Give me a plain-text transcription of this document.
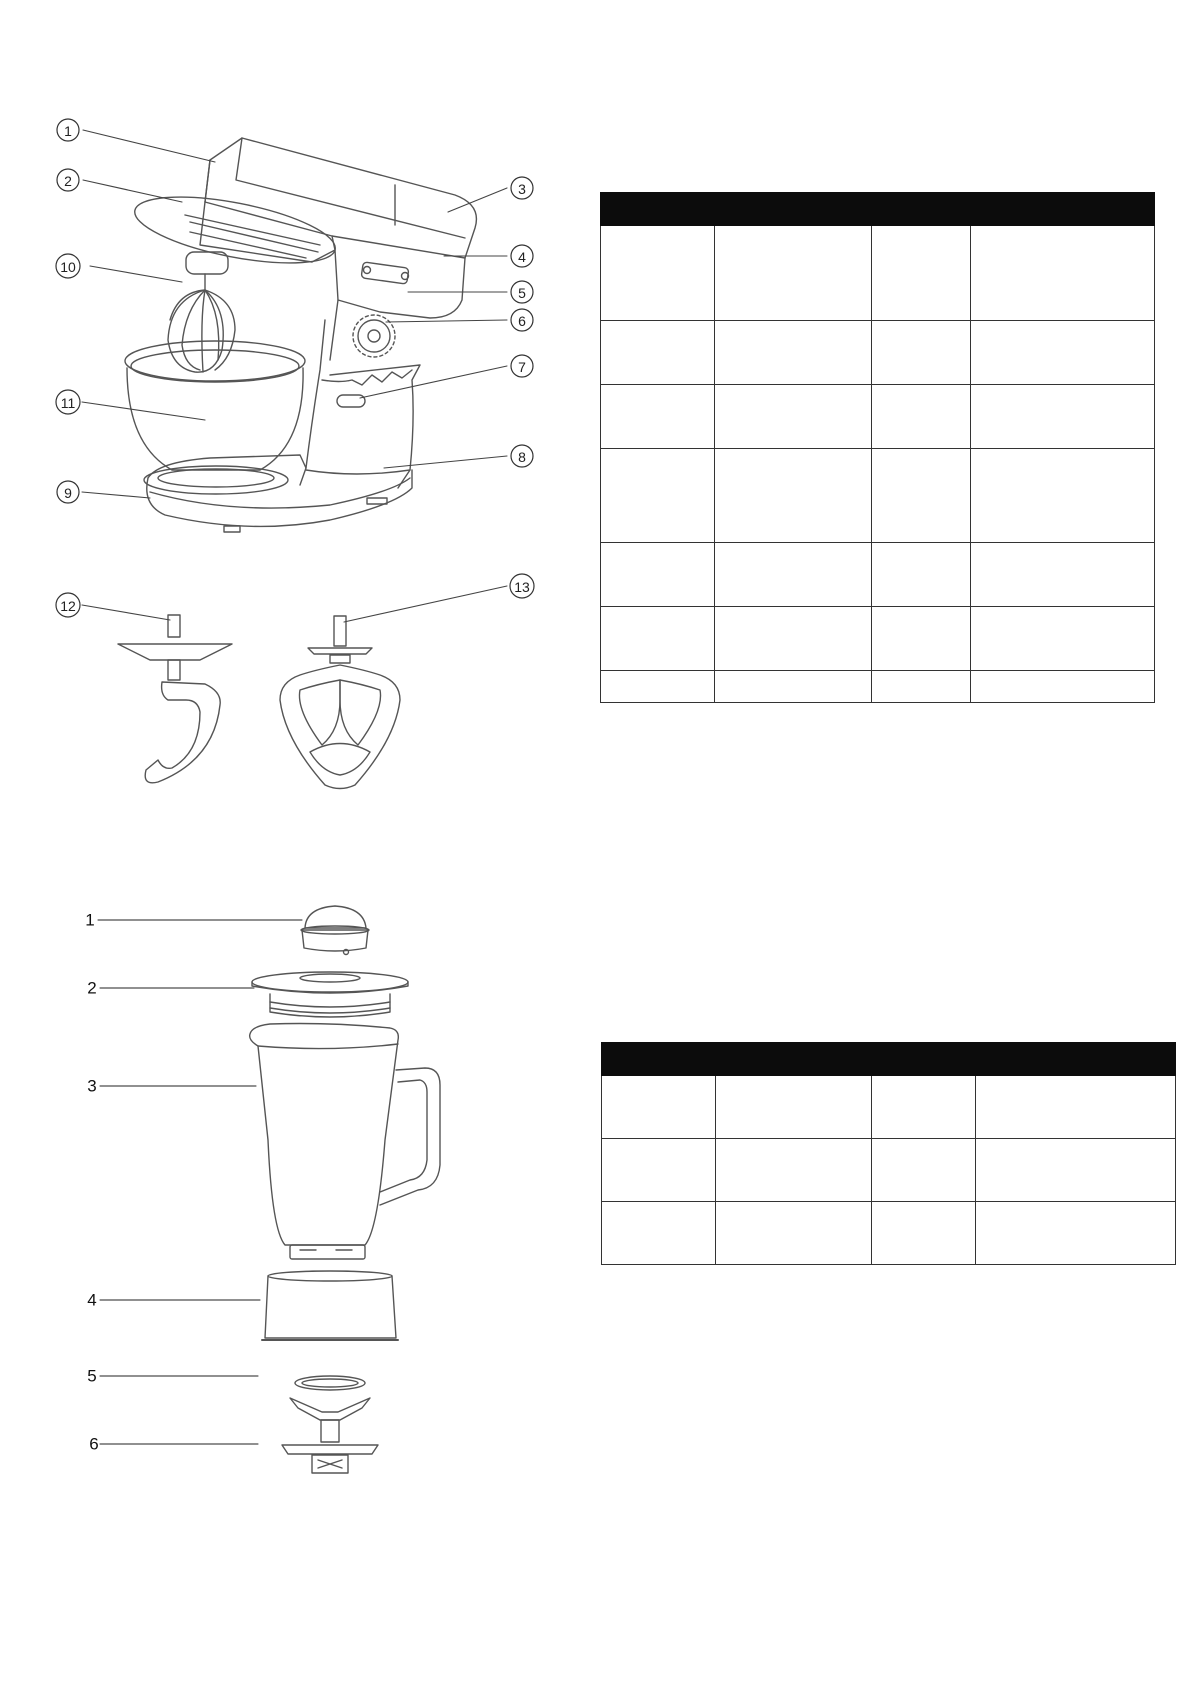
1
2	3
4
5
6
7
8
9
10
11
12
13
1
2
3
4
5
6
